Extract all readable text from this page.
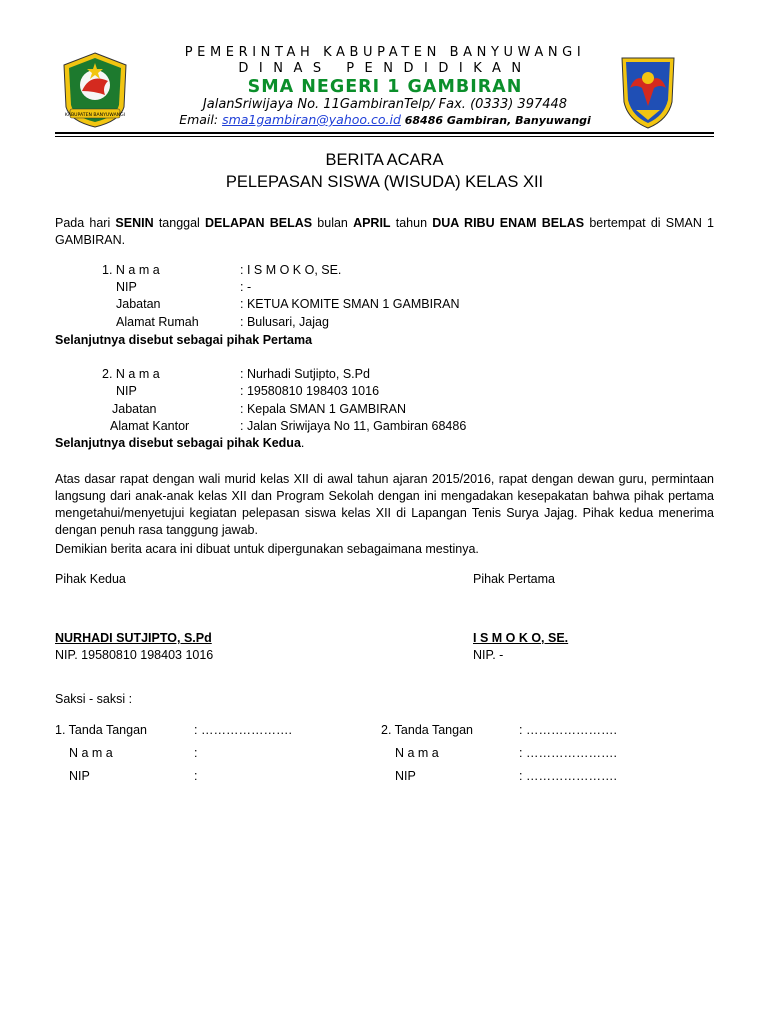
KABUPATEN BANYUWANGI
PEMERINTAH KABUPATEN BANYUWANGI
DINAS PENDIDIKAN
SMA NEGERI 1 GAMBIRAN
JalanSriwijaya No. 11GambiranTelp/ Fax. (0333) 397448
Email: sma1gambiran@yahoo.co.id 68486 Gambiran, Banyuwangi
BERITA ACARA
PELEPASAN SISWA (WISUDA) KELAS XII
Pada hari SENIN tanggal DELAPAN BELAS bulan APRIL tahun DUA RIBU ENAM BELAS bertempat di SMAN 1 GAMBIRAN.
1. N a m a	: I S M O K O, SE.
NIP	: -
Jabatan	: KETUA KOMITE SMAN 1 GAMBIRAN
Alamat Rumah	: Bulusari, Jajag
Selanjutnya disebut sebagai pihak Pertama
2. N a m a	: Nurhadi Sutjipto, S.Pd
NIP	: 19580810 198403 1016
Jabatan	: Kepala SMAN 1 GAMBIRAN
Alamat Kantor	: Jalan Sriwijaya No 11, Gambiran 68486
Selanjutnya disebut sebagai pihak Kedua.
Atas dasar rapat dengan wali murid kelas XII di awal tahun ajaran 2015/2016, rapat dengan dewan guru, permintaan langsung dari anak-anak kelas XII dan Program Sekolah dengan ini mengadakan kesepakatan bahwa pihak pertama mengetahui/menyetujui kegiatan pelepasan siswa kelas XII di Lapangan Tenis Surya Jajag. Pihak kedua menerima dengan penuh rasa tanggung jawab.
Demikian berita acara ini dibuat untuk dipergunakan sebagaimana mestinya.
Pihak Kedua	Pihak Pertama
NURHADI SUTJIPTO, S.Pd	I S M O K O, SE.
NIP. 19580810 198403 1016	NIP. -
Saksi - saksi :
1. Tanda Tangan	: ………………….
N a m a	:
NIP	:
2. Tanda Tangan	: ………………….
N a m a	: ………………….
NIP	: ………………….
